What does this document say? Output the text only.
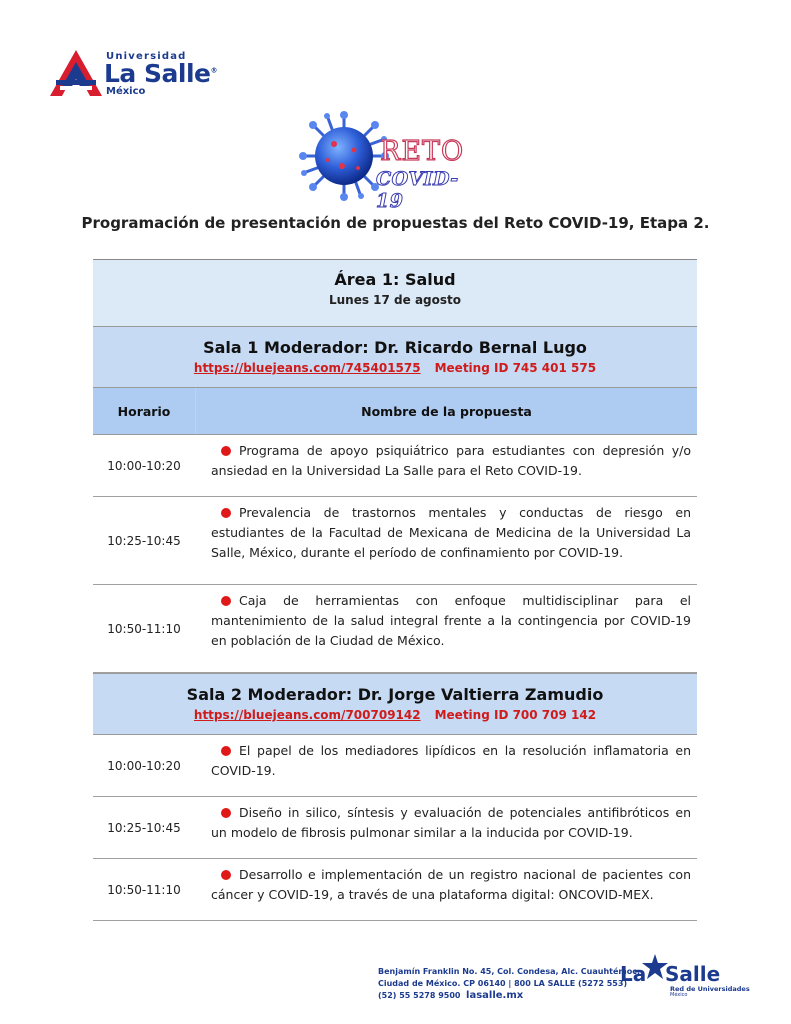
Universidad
La Salle®
México
RETO
COVID-19
Programación de presentación de propuestas del Reto COVID-19, Etapa 2.
Área 1: Salud
Lunes 17 de agosto
Sala 1 Moderador: Dr. Ricardo Bernal Lugo
https://bluejeans.com/745401575 Meeting ID 745 401 575
Horario	Nombre de la propuesta
10:00-10:20
Programa de apoyo psiquiátrico para estudiantes con depresión y/o ansiedad en la Universidad La Salle para el Reto COVID-19.
10:25-10:45
Prevalencia de trastornos mentales y conductas de riesgo en estudiantes de la Facultad de Mexicana de Medicina de la Universidad La Salle, México, durante el período de confinamiento por COVID-19.
10:50-11:10
Caja de herramientas con enfoque multidisciplinar para el mantenimiento de la salud integral frente a la contingencia por COVID-19 en población de la Ciudad de México.
Sala 2 Moderador: Dr. Jorge Valtierra Zamudio
https://bluejeans.com/700709142 Meeting ID 700 709 142
10:00-10:20
El papel de los mediadores lipídicos en la resolución inflamatoria en COVID-19.
10:25-10:45
Diseño in silico, síntesis y evaluación de potenciales antifibróticos en un modelo de fibrosis pulmonar similar a la inducida por COVID-19.
10:50-11:10
Desarrollo e implementación de un registro nacional de pacientes con cáncer y COVID-19, a través de una plataforma digital: ONCOVID-MEX.
Benjamín Franklin No. 45, Col. Condesa, Alc. Cuauhtémoc,
Ciudad de México. CP 06140 | 800 LA SALLE (5272 553)
(52) 55 5278 9500 lasalle.mx
La Salle
Red de Universidades
México
